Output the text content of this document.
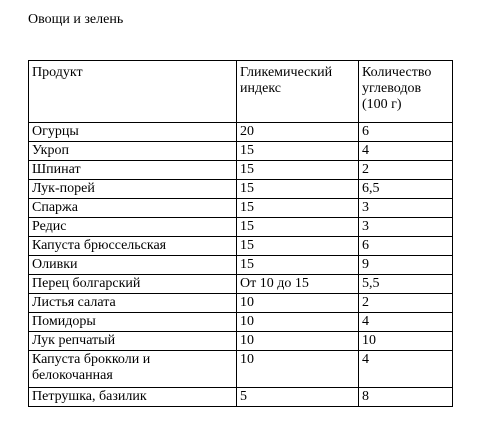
Овощи и зелень
Продукт	Гликемический индекс	Количество углеводов (100 г)
Огурцы	20	6
Укроп	15	4
Шпинат	15	2
Лук-порей	15	6,5
Спаржа	15	3
Редис	15	3
Капуста брюссельская	15	6
Оливки	15	9
Перец болгарский	От 10 до 15	5,5
Листья салата	10	2
Помидоры	10	4
Лук репчатый	10	10
Капуста брокколи и белокочанная	10	4
Петрушка, базилик	5	8
